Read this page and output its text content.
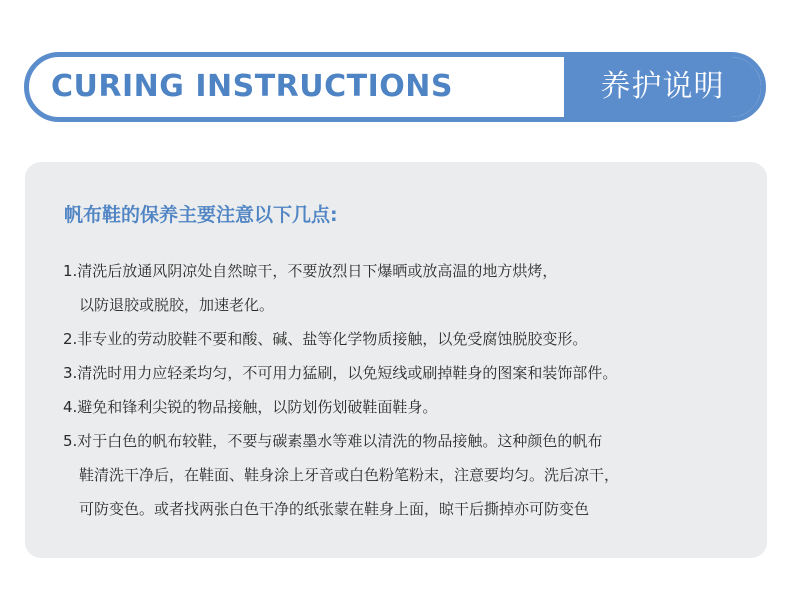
CURING INSTRUCTIONS	养护说明
帆布鞋的保养主要注意以下几点:
1.清洗后放通风阴凉处自然晾干，不要放烈日下爆晒或放高温的地方烘烤，
以防退胶或脱胶，加速老化。
2.非专业的劳动胶鞋不要和酸、碱、盐等化学物质接触，以免受腐蚀脱胶变形。
3.清洗时用力应轻柔均匀，不可用力猛刷，以免短线或刷掉鞋身的图案和装饰部件。
4.避免和锋利尖锐的物品接触，以防划伤划破鞋面鞋身。
5.对于白色的帆布较鞋，不要与碳素墨水等难以清洗的物品接触。这种颜色的帆布
鞋清洗干净后，在鞋面、鞋身涂上牙音或白色粉笔粉末，注意要均匀。洗后凉干，
可防变色。或者找两张白色干净的纸张蒙在鞋身上面，晾干后撕掉亦可防变色
